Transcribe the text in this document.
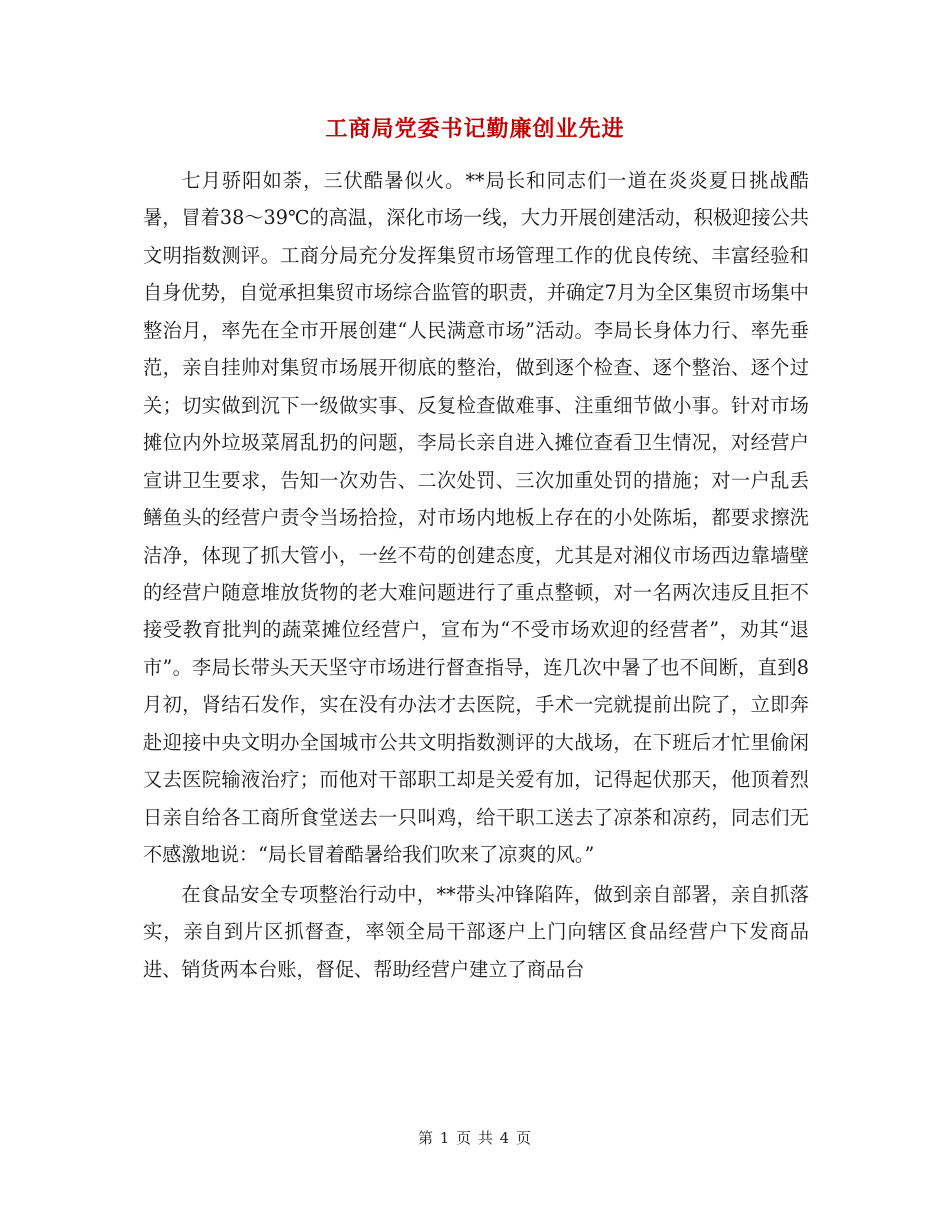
工商局党委书记勤廉创业先进

七月骄阳如荼，三伏酷暑似火。**局长和同志们一道在炎炎夏日挑战酷暑，冒着38～39℃的高温，深化市场一线，大力开展创建活动，积极迎接公共文明指数测评。工商分局充分发挥集贸市场管理工作的优良传统、丰富经验和自身优势，自觉承担集贸市场综合监管的职责，并确定7月为全区集贸市场集中整治月，率先在全市开展创建“人民满意市场”活动。李局长身体力行、率先垂范，亲自挂帅对集贸市场展开彻底的整治，做到逐个检查、逐个整治、逐个过关；切实做到沉下一级做实事、反复检查做难事、注重细节做小事。针对市场摊位内外垃圾菜屑乱扔的问题，李局长亲自进入摊位查看卫生情况，对经营户宣讲卫生要求，告知一次劝告、二次处罚、三次加重处罚的措施；对一户乱丢鳝鱼头的经营户责令当场拾捡，对市场内地板上存在的小处陈垢，都要求擦洗洁净，体现了抓大管小，一丝不苟的创建态度，尤其是对湘仪市场西边靠墙壁的经营户随意堆放货物的老大难问题进行了重点整顿，对一名两次违反且拒不接受教育批判的蔬菜摊位经营户，宣布为“不受市场欢迎的经营者”，劝其“退市”。李局长带头天天坚守市场进行督查指导，连几次中暑了也不间断，直到8月初，肾结石发作，实在没有办法才去医院，手术一完就提前出院了，立即奔赴迎接中央文明办全国城市公共文明指数测评的大战场，在下班后才忙里偷闲又去医院输液治疗；而他对干部职工却是关爱有加，记得起伏那天，他顶着烈日亲自给各工商所食堂送去一只叫鸡，给干职工送去了凉茶和凉药，同志们无不感激地说：“局长冒着酷暑给我们吹来了凉爽的风。”

在食品安全专项整治行动中，**带头冲锋陷阵，做到亲自部署，亲自抓落实，亲自到片区抓督查，率领全局干部逐户上门向辖区食品经营户下发商品进、销货两本台账，督促、帮助经营户建立了商品台

第 1 页 共 4 页
